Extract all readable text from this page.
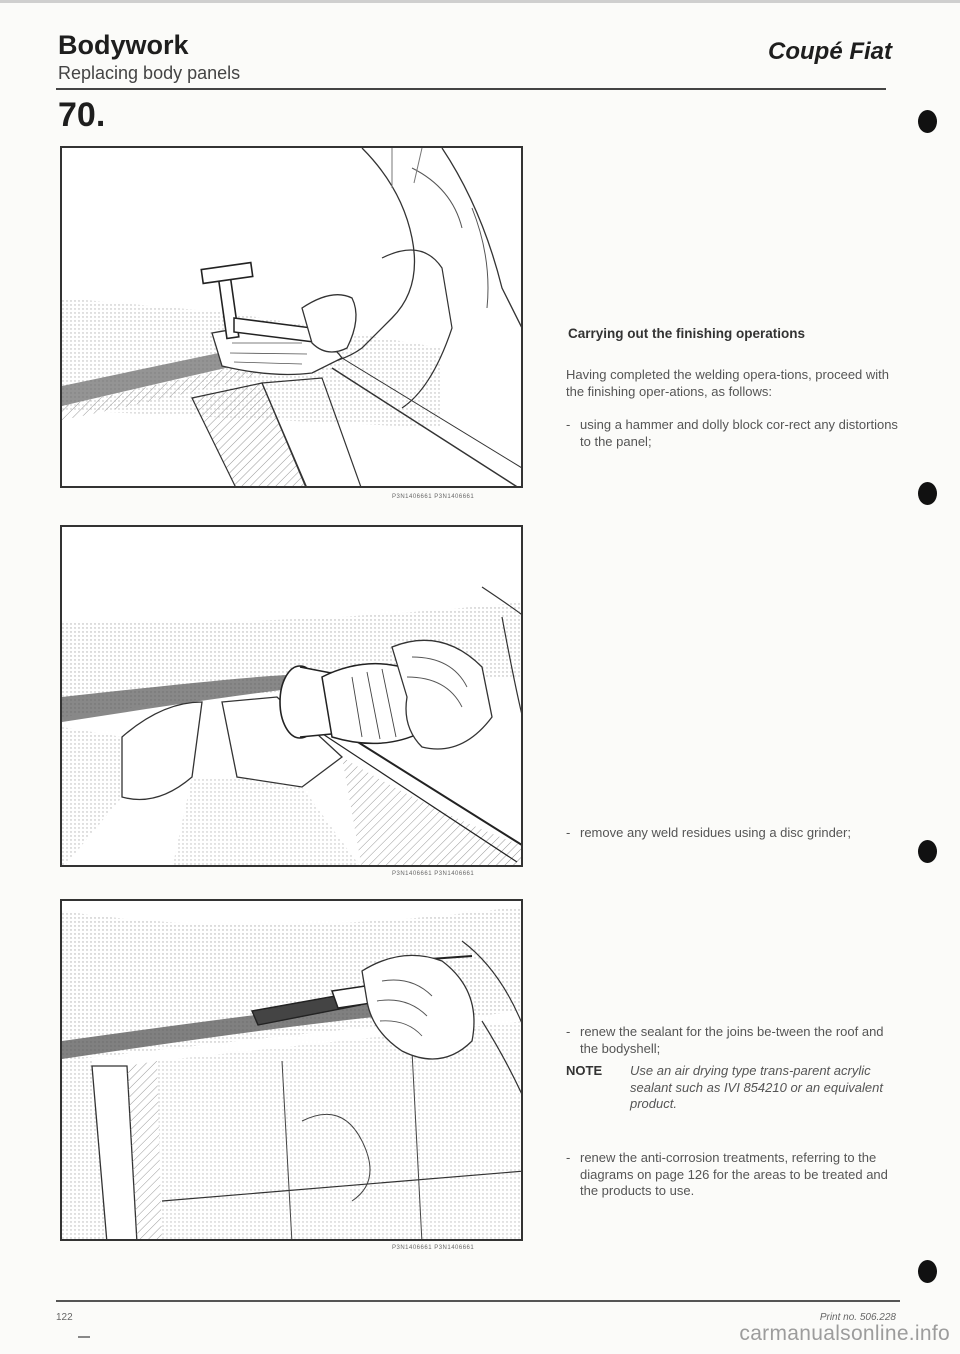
Bodywork
Replacing body panels
Coupé Fiat
70.
P3N1406661 P3N1406661
P3N1406661 P3N1406661
P3N1406661 P3N1406661
Carrying out the finishing operations
Having completed the welding opera-tions, proceed with the finishing oper-ations, as follows:
- using a hammer and dolly block cor-rect any distortions to the panel;
- remove any weld residues using a disc grinder;
- renew the sealant for the joins be-tween the roof and the bodyshell;
NOTE Use an air drying type trans-parent acrylic sealant such as IVI 854210 or an equivalent product.
- renew the anti-corrosion treatments, referring to the diagrams on page 126 for the areas to be treated and the products to use.
122	Print no. 506.228
carmanualsonline.info
